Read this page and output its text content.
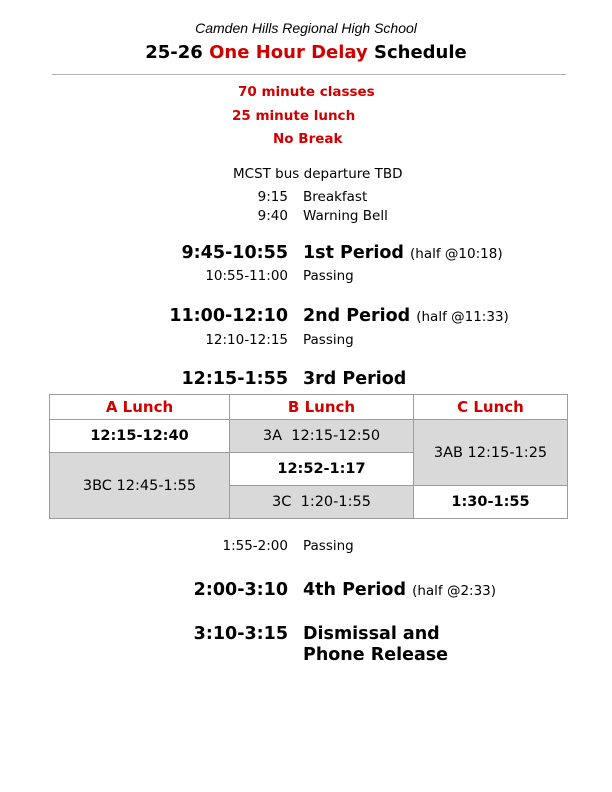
Camden Hills Regional High School
25-26 One Hour Delay Schedule
70 minute classes
25 minute lunch
No Break
MCST bus departure TBD
9:15 Breakfast
9:40 Warning Bell
9:45-10:55 1st Period (half @10:18)
10:55-11:00 Passing
11:00-12:10 2nd Period (half @11:33)
12:10-12:15 Passing
12:15-1:55 3rd Period
A Lunch	B Lunch	C Lunch
12:15-12:40	3A  12:15-12:50	3AB 12:15-1:25
3BC 12:45-1:55	12:52-1:17	
	3C  1:20-1:55	1:30-1:55
1:55-2:00 Passing
2:00-3:10 4th Period (half @2:33)
3:10-3:15 Dismissal and
Phone Release
